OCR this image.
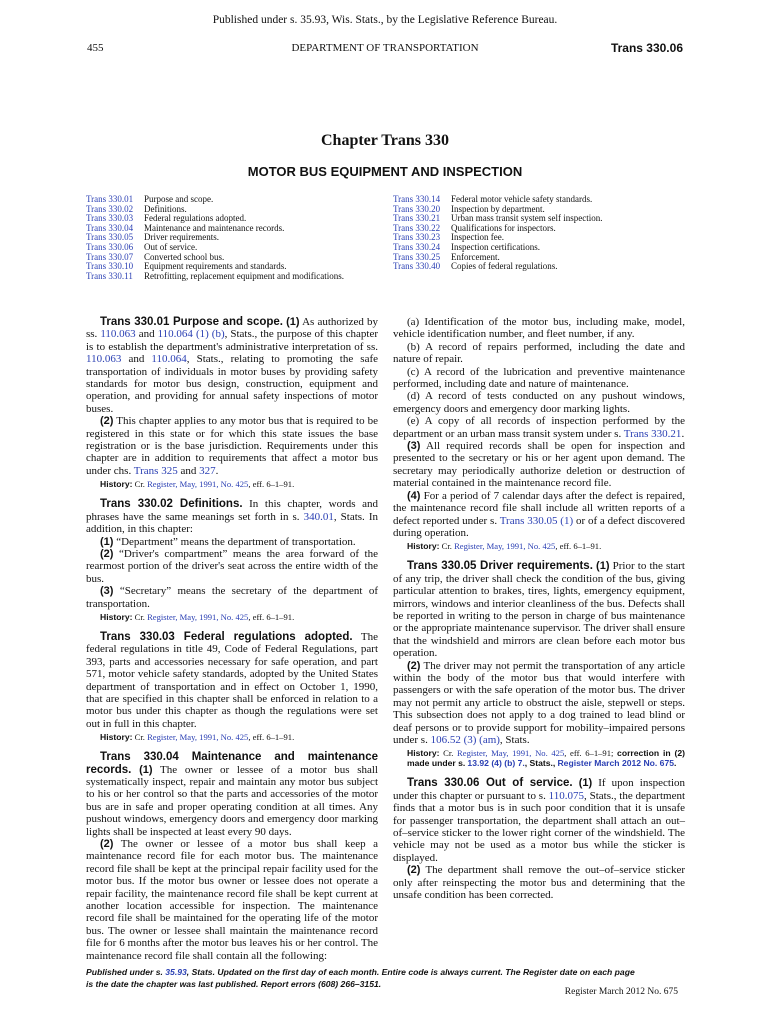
Published under s. 35.93, Wis. Stats., by the Legislative Reference Bureau.
455	DEPARTMENT OF TRANSPORTATION	Trans 330.06
Chapter Trans 330
MOTOR BUS EQUIPMENT AND INSPECTION
Trans 330.01	Purpose and scope.
Trans 330.02	Definitions.
Trans 330.03	Federal regulations adopted.
Trans 330.04	Maintenance and maintenance records.
Trans 330.05	Driver requirements.
Trans 330.06	Out of service.
Trans 330.07	Converted school bus.
Trans 330.10	Equipment requirements and standards.
Trans 330.11	Retrofitting, replacement equipment and modifications.
Trans 330.14	Federal motor vehicle safety standards.
Trans 330.20	Inspection by department.
Trans 330.21	Urban mass transit system self inspection.
Trans 330.22	Qualifications for inspectors.
Trans 330.23	Inspection fee.
Trans 330.24	Inspection certifications.
Trans 330.25	Enforcement.
Trans 330.40	Copies of federal regulations.

Trans 330.01 Purpose and scope. (1) As authorized by ss. 110.063 and 110.064 (1) (b), Stats., the purpose of this chapter is to establish the department's administrative interpretation of ss. 110.063 and 110.064, Stats., relating to promoting the safe transportation of individuals in motor buses by providing safety standards for motor bus design, construction, equipment and operation, and providing for annual safety inspections of motor buses.

(2) This chapter applies to any motor bus that is required to be registered in this state or for which this state issues the base registration or is the base jurisdiction. Requirements under this chapter are in addition to requirements that affect a motor bus under chs. Trans 325 and 327.

History: Cr. Register, May, 1991, No. 425, eff. 6–1–91.

Trans 330.02 Definitions. In this chapter, words and phrases have the same meanings set forth in s. 340.01, Stats. In addition, in this chapter:

(1) “Department” means the department of transportation.

(2) “Driver's compartment” means the area forward of the rearmost portion of the driver's seat across the entire width of the bus.

(3) “Secretary” means the secretary of the department of transportation.

History: Cr. Register, May, 1991, No. 425, eff. 6–1–91.

Trans 330.03 Federal regulations adopted. The federal regulations in title 49, Code of Federal Regulations, part 393, parts and accessories necessary for safe operation, and part 571, motor vehicle safety standards, adopted by the United States department of transportation and in effect on October 1, 1990, that are specified in this chapter shall be enforced in relation to a motor bus under this chapter as though the regulations were set out in full in this chapter.

History: Cr. Register, May, 1991, No. 425, eff. 6–1–91.

Trans 330.04 Maintenance and maintenance records. (1) The owner or lessee of a motor bus shall systematically inspect, repair and maintain any motor bus subject to his or her control so that the parts and accessories of the motor bus are in safe and proper operating condition at all times. Any pushout windows, emergency doors and emergency door marking lights shall be inspected at least every 90 days.

(2) The owner or lessee of a motor bus shall keep a maintenance record file for each motor bus. The maintenance record file shall be kept at the principal repair facility used for the motor bus. If the motor bus owner or lessee does not operate a repair facility, the maintenance record file shall be kept current at another location accessible for inspection. The maintenance record file shall be maintained for the operating life of the motor bus. The owner or lessee shall maintain the maintenance record file for 6 months after the motor bus leaves his or her control. The maintenance record file shall contain all the following:

(a) Identification of the motor bus, including make, model, vehicle identification number, and fleet number, if any.

(b) A record of repairs performed, including the date and nature of repair.

(c) A record of the lubrication and preventive maintenance performed, including date and nature of maintenance.

(d) A record of tests conducted on any pushout windows, emergency doors and emergency door marking lights.

(e) A copy of all records of inspection performed by the department or an urban mass transit system under s. Trans 330.21.

(3) All required records shall be open for inspection and presented to the secretary or his or her agent upon demand. The secretary may periodically authorize deletion or destruction of material contained in the maintenance record file.

(4) For a period of 7 calendar days after the defect is repaired, the maintenance record file shall include all written reports of a defect reported under s. Trans 330.05 (1) or of a defect discovered during operation.

History: Cr. Register, May, 1991, No. 425, eff. 6–1–91.

Trans 330.05 Driver requirements. (1) Prior to the start of any trip, the driver shall check the condition of the bus, giving particular attention to brakes, tires, lights, emergency equipment, mirrors, windows and interior cleanliness of the bus. Defects shall be reported in writing to the person in charge of bus maintenance or the appropriate maintenance supervisor. The driver shall ensure that the windshield and mirrors are clean before each motor bus operation.

(2) The driver may not permit the transportation of any article within the body of the motor bus that would interfere with passengers or with the safe operation of the motor bus. The driver may not permit any article to obstruct the aisle, stepwell or steps. This subsection does not apply to a dog trained to lead blind or deaf persons or to provide support for mobility–impaired persons under s. 106.52 (3) (am), Stats.

History: Cr. Register, May, 1991, No. 425, eff. 6–1–91; correction in (2) made under s. 13.92 (4) (b) 7., Stats., Register March 2012 No. 675.

Trans 330.06 Out of service. (1) If upon inspection under this chapter or pursuant to s. 110.075, Stats., the department finds that a motor bus is in such poor condition that it is unsafe for passenger transportation, the department shall attach an out–of–service sticker to the lower right corner of the windshield. The vehicle may not be used as a motor bus while the sticker is displayed.

(2) The department shall remove the out–of–service sticker only after reinspecting the motor bus and determining that the unsafe condition has been corrected.

Published under s. 35.93, Stats. Updated on the first day of each month. Entire code is always current. The Register date on each page
is the date the chapter was last published. Report errors (608) 266–3151.
Register March 2012 No. 675
